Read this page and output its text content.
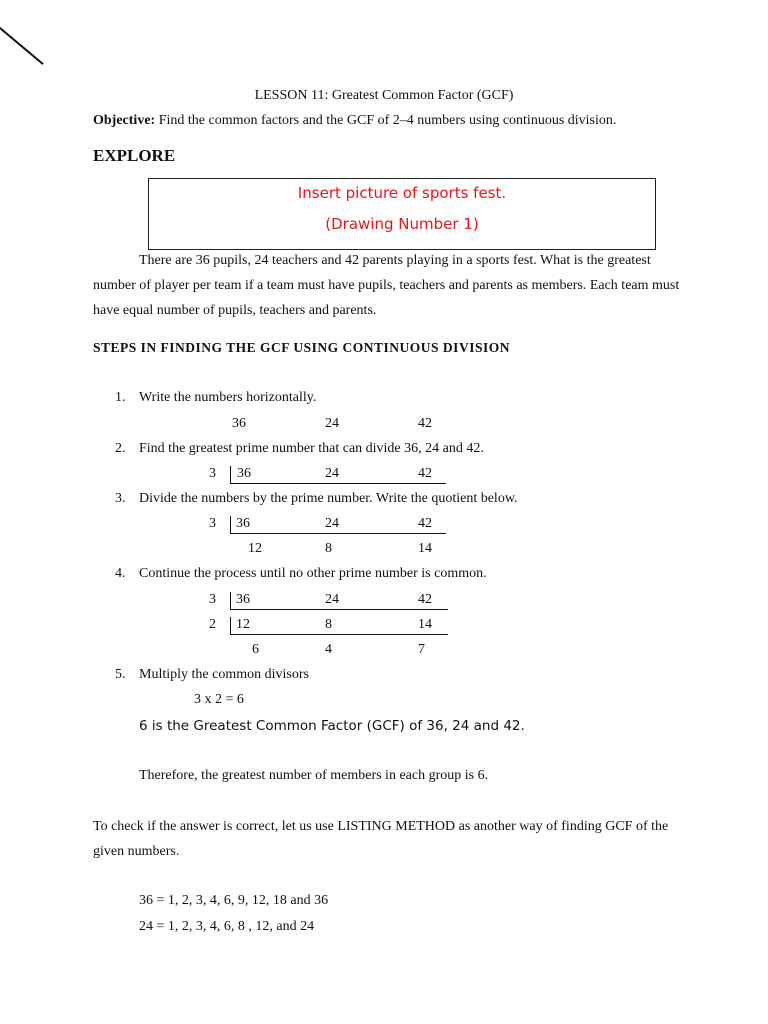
LESSON 11: Greatest Common Factor (GCF)
Objective: Find the common factors and the GCF of 2–4 numbers using continuous division.
EXPLORE
Insert picture of sports fest.
(Drawing Number 1)
There are 36 pupils, 24 teachers and 42 parents playing in a sports fest. What is the greatest number of player per team if a team must have pupils, teachers and parents as members. Each team must have equal number of pupils, teachers and parents.
STEPS IN FINDING THE GCF USING CONTINUOUS DIVISION
1. Write the numbers horizontally.
36	24	42
2. Find the greatest prime number that can divide 36, 24 and 42.
3 36	24	42
3. Divide the numbers by the prime number. Write the quotient below.
3 36	24	42
12	8	14
4. Continue the process until no other prime number is common.
3 36	24	42
2 12	8	14
6	4	7
5. Multiply the common divisors
3 x 2 = 6
6 is the Greatest Common Factor (GCF) of 36, 24 and 42.
Therefore, the greatest number of members in each group is 6.
To check if the answer is correct, let us use LISTING METHOD as another way of finding GCF of the given numbers.
36 = 1, 2, 3, 4, 6, 9, 12, 18 and 36
24 = 1, 2, 3, 4, 6, 8 , 12, and 24
